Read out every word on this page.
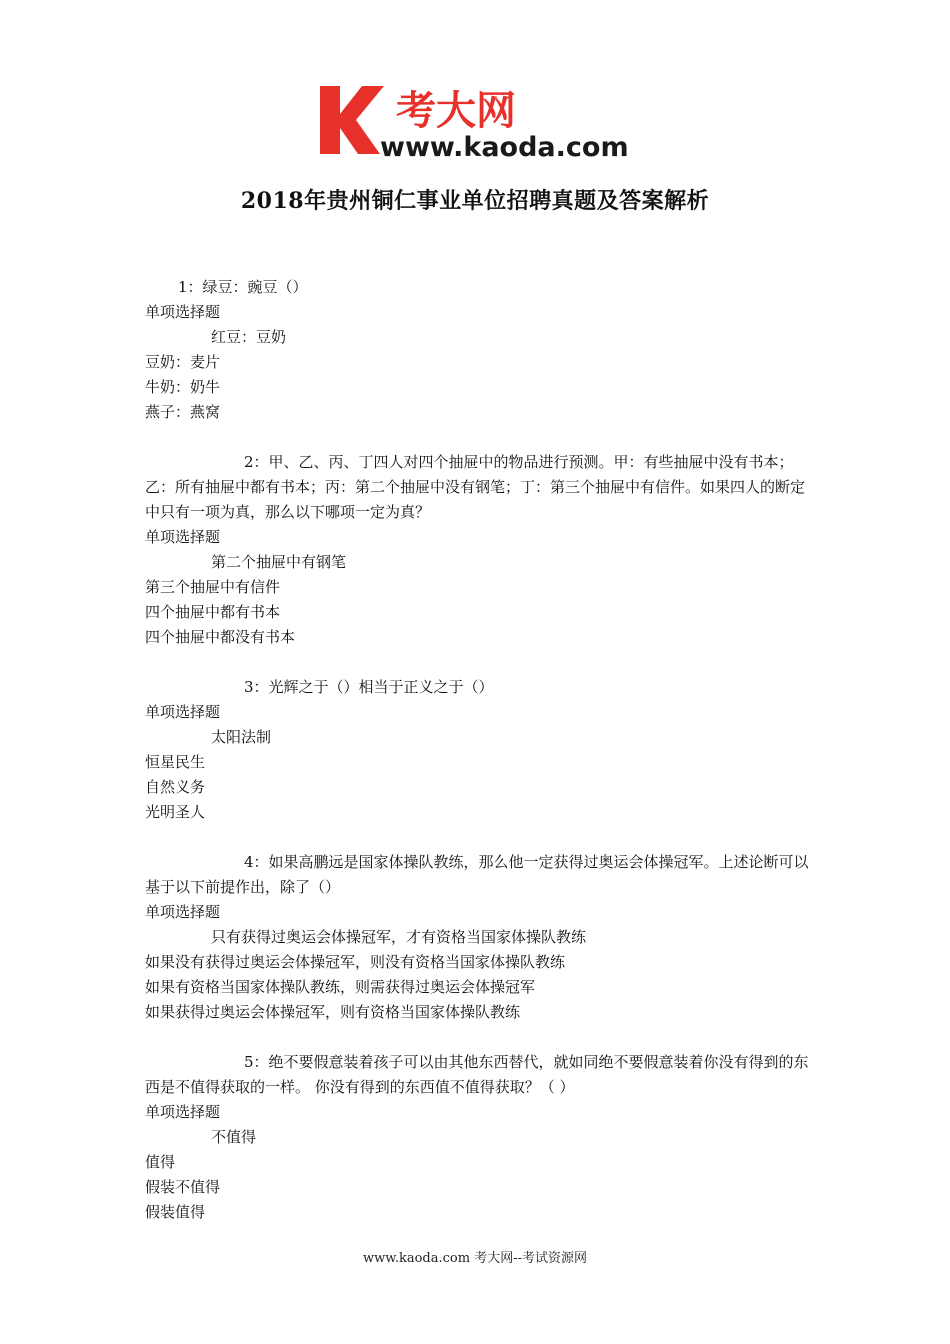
考大网
www.kaoda.com
2018年贵州铜仁事业单位招聘真题及答案解析

1：绿豆：豌豆（）

单项选择题

红豆：豆奶

豆奶：麦片

牛奶：奶牛

燕子：燕窝

2：甲、乙、丙、丁四人对四个抽屉中的物品进行预测。甲：有些抽屉中没有书本；乙：所有抽屉中都有书本；丙：第二个抽屉中没有钢笔；丁：第三个抽屉中有信件。如果四人的断定中只有一项为真，那么以下哪项一定为真？

单项选择题

第二个抽屉中有钢笔

第三个抽屉中有信件

四个抽屉中都有书本

四个抽屉中都没有书本

3：光辉之于（）相当于正义之于（）

单项选择题

太阳法制

恒星民生

自然义务

光明圣人

4：如果高鹏远是国家体操队教练，那么他一定获得过奥运会体操冠军。上述论断可以基于以下前提作出，除了（）

单项选择题

只有获得过奥运会体操冠军，才有资格当国家体操队教练

如果没有获得过奥运会体操冠军，则没有资格当国家体操队教练

如果有资格当国家体操队教练，则需获得过奥运会体操冠军

如果获得过奥运会体操冠军，则有资格当国家体操队教练

5：绝不要假意装着孩子可以由其他东西替代，就如同绝不要假意装着你没有得到的东西是不值得获取的一样。 你没有得到的东西值不值得获取？（ ）

单项选择题

不值得

值得

假装不值得

假装值得

www.kaoda.com 考大网--考试资源网
